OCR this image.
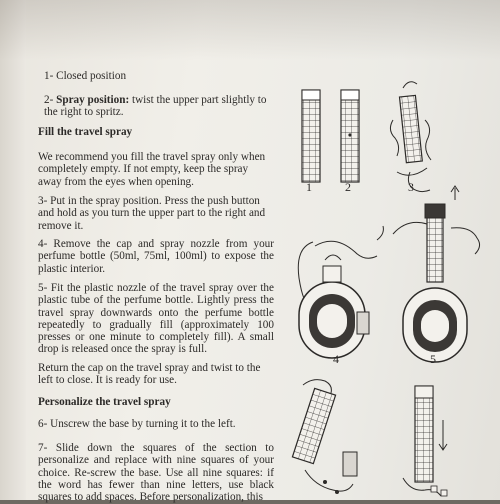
1- Closed position

2- Spray position: twist the upper part slightly to the right to spritz.

Fill the travel spray

We recommend you fill the travel spray only when completely empty. If not empty, keep the spray away from the eyes when opening.

3- Put in the spray position. Press the push button and hold as you turn the upper part to the right and remove it.

4- Remove the cap and spray nozzle from your perfume bottle (50ml, 75ml, 100ml) to expose the plastic interior.

5- Fit the plastic nozzle of the travel spray over the plastic tube of the perfume bottle. Lightly press the travel spray downwards onto the perfume bottle repeatedly to gradually fill (approximately 100 presses or one minute to completely fill). A small drop is released once the spray is full.

Return the cap on the travel spray and twist to the left to close. It is ready for use.

Personalize the travel spray

6- Unscrew the base by turning it to the left.

7- Slide down the squares of the section to personalize and replace with nine squares of your choice. Re-screw the base. Use all nine squares: if the word has fewer than nine letters, use black squares to add spaces. Before personalization, this

1	2	3
4	5
